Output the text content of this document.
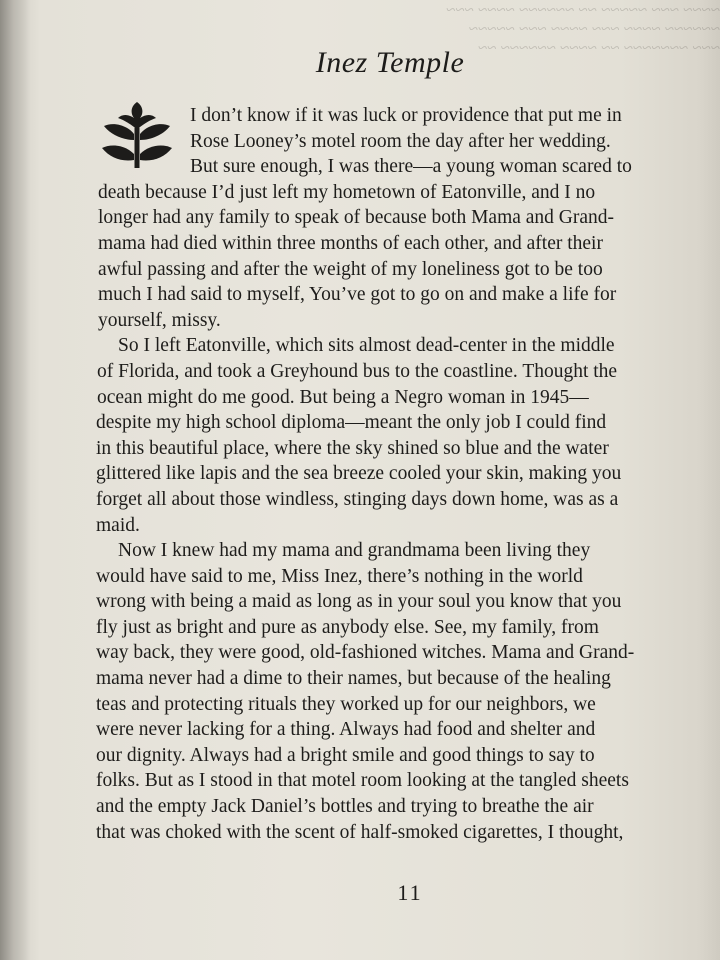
~~~~ ~~~ ~~~~~ ~~ ~~~~~~ ~~~~ ~~~
~~~~~~ ~~~~ ~~~ ~~~~ ~~~ ~~~~~
~~~ ~~~~~~~ ~~ ~~~~ ~~~~~~ ~~
Inez Temple
I don’t know if it was luck or providence that put me in
Rose Looney’s motel room the day after her wedding.
But sure enough, I was there—a young woman scared to
death because I’d just left my hometown of Eatonville, and I no
longer had any family to speak of because both Mama and Grand-
mama had died within three months of each other, and after their
awful passing and after the weight of my loneliness got to be too
much I had said to myself, You’ve got to go on and make a life for
yourself, missy.
So I left Eatonville, which sits almost dead-center in the middle
of Florida, and took a Greyhound bus to the coastline. Thought the
ocean might do me good. But being a Negro woman in 1945—
despite my high school diploma—meant the only job I could find
in this beautiful place, where the sky shined so blue and the water
glittered like lapis and the sea breeze cooled your skin, making you
forget all about those windless, stinging days down home, was as a
maid.
Now I knew had my mama and grandmama been living they
would have said to me, Miss Inez, there’s nothing in the world
wrong with being a maid as long as in your soul you know that you
fly just as bright and pure as anybody else. See, my family, from
way back, they were good, old-fashioned witches. Mama and Grand-
mama never had a dime to their names, but because of the healing
teas and protecting rituals they worked up for our neighbors, we
were never lacking for a thing. Always had food and shelter and
our dignity. Always had a bright smile and good things to say to
folks. But as I stood in that motel room looking at the tangled sheets
and the empty Jack Daniel’s bottles and trying to breathe the air
that was choked with the scent of half-smoked cigarettes, I thought,
11
